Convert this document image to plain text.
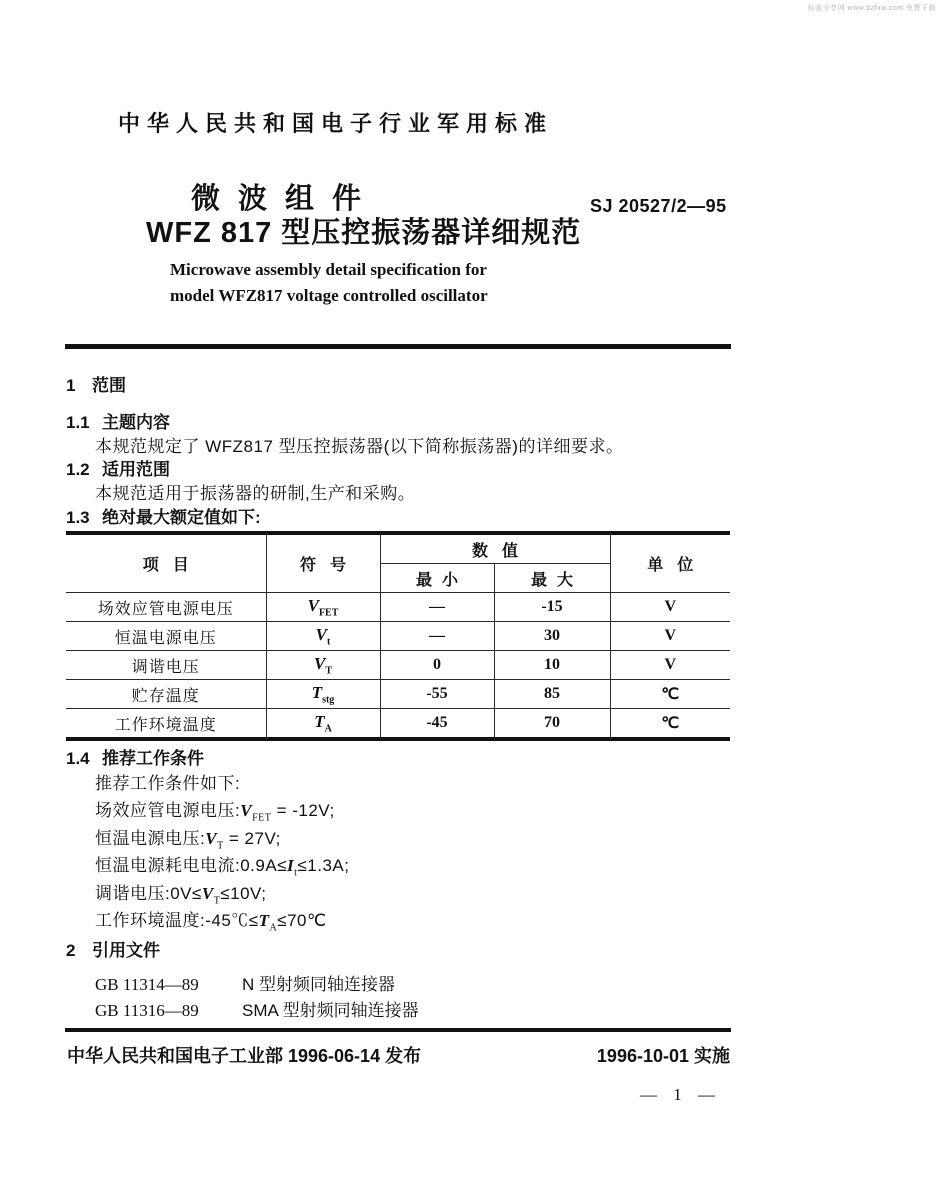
标准分享网 www.bzfxw.com 免费下载
中华人民共和国电子行业军用标准
微波组件
WFZ 817 型压控振荡器详细规范
SJ 20527/2—95
Microwave assembly detail specification for
model WFZ817 voltage controlled oscillator
1 范围
1.1 主题内容
本规范规定了 WFZ817 型压控振荡器(以下简称振荡器)的详细要求。
1.2 适用范围
本规范适用于振荡器的研制,生产和采购。
1.3 绝对最大额定值如下:
项目	符号	数值		单位
		最小	最大	
场效应管电源电压	$V_{FET}$	—	-15	V
恒温电源电压	$V_t$	—	30	V
调谐电压	$V_T$	0	10	V
贮存温度	$T_{stg}$	-55	85	℃
工作环境温度	$T_A$	-45	70	℃
1.4 推荐工作条件
推荐工作条件如下:
场效应管电源电压$:V_{FET} = -12V$;
恒温电源电压$:V_T = 27V$;
恒温电源耗电电流$:0.9A\le I_t\le 1.3A$;
调谐电压$:0V\le V_T\le 10V$;
工作环境温度$:-45℃\le T_A\le 70℃$
2 引用文件
GB 11314—89	N 型射频同轴连接器
GB 11316—89	SMA 型射频同轴连接器
中华人民共和国电子工业部 1996-06-14 发布	1996-10-01 实施
— 1 —
